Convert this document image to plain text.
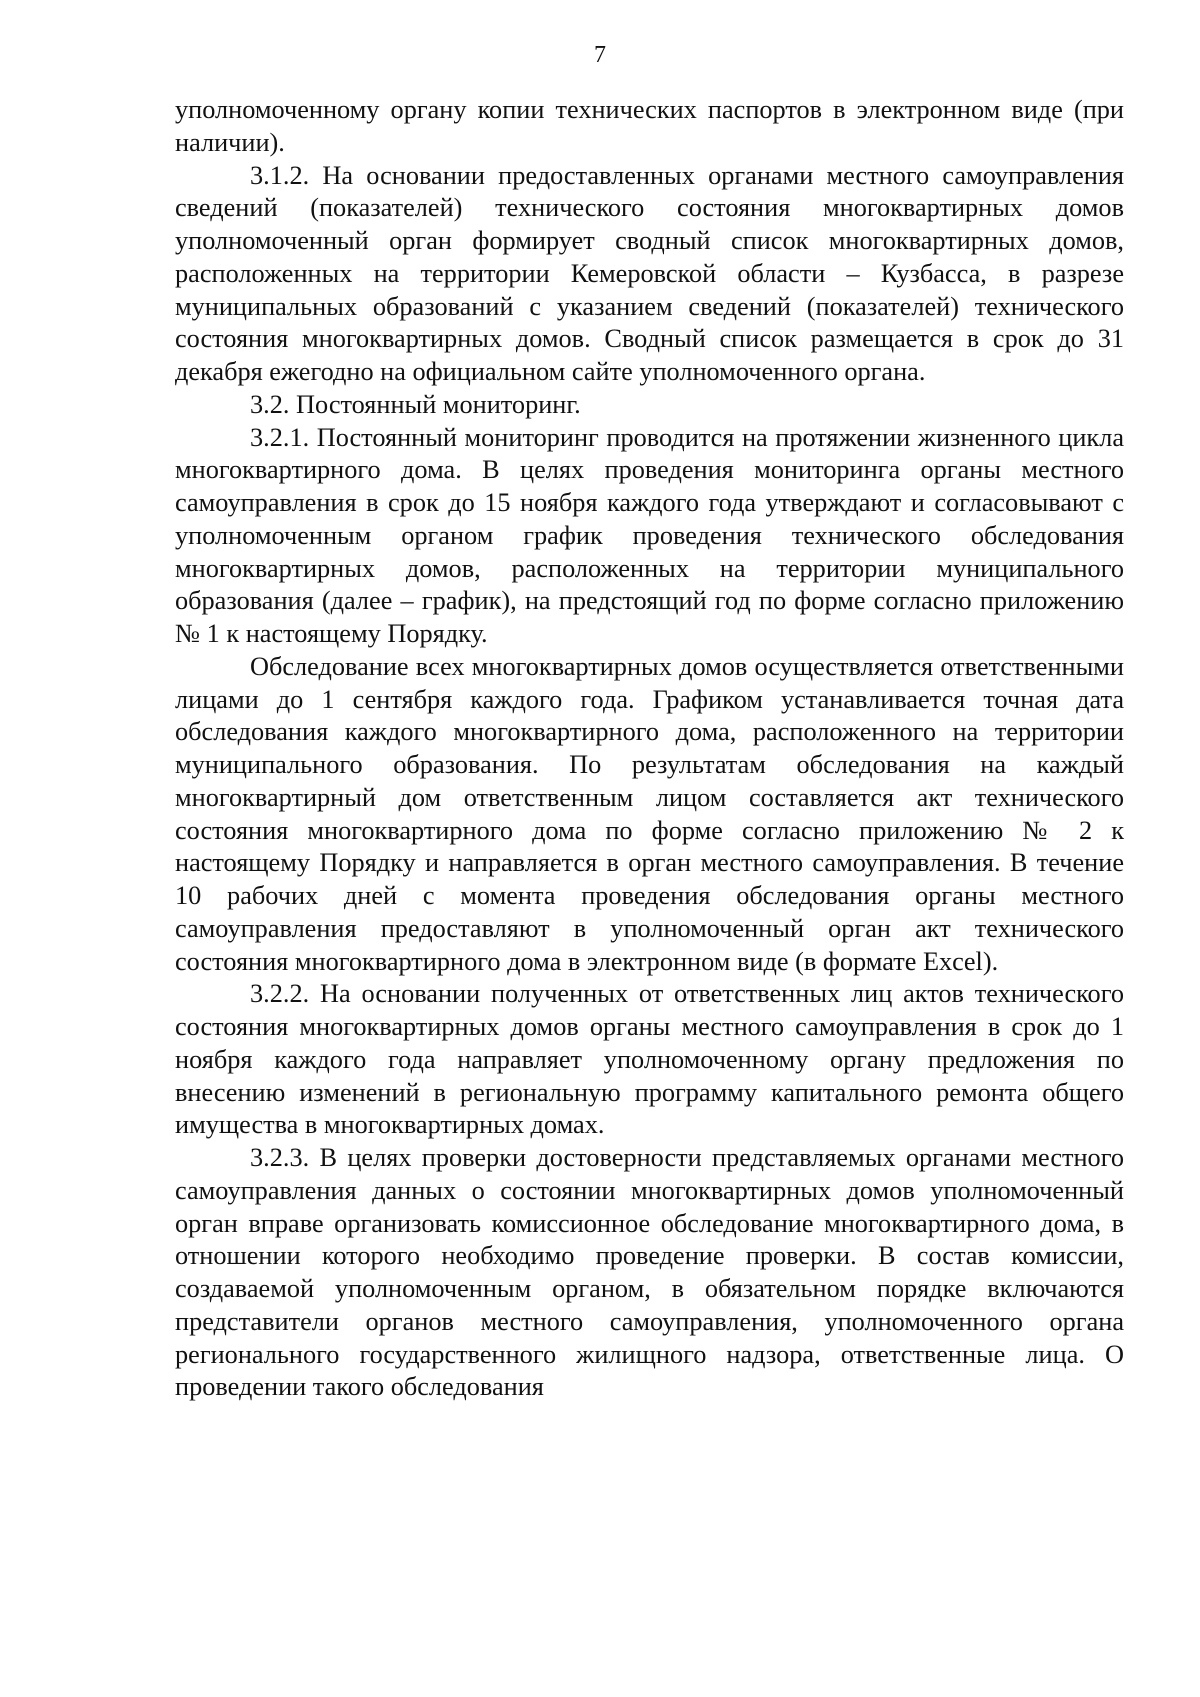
7

уполномоченному органу копии технических паспортов в электронном виде (при наличии).

3.1.2. На основании предоставленных органами местного самоуправления сведений (показателей) технического состояния многоквартирных домов уполномоченный орган формирует сводный список многоквартирных домов, расположенных на территории Кемеровской области – Кузбасса, в разрезе муниципальных образований с указанием сведений (показателей) технического состояния многоквартирных домов. Сводный список размещается в срок до 31 декабря ежегодно на официальном сайте уполномоченного органа.

3.2. Постоянный мониторинг.

3.2.1. Постоянный мониторинг проводится на протяжении жизненного цикла многоквартирного дома. В целях проведения мониторинга органы местного самоуправления в срок до 15 ноября каждого года утверждают и согласовывают с уполномоченным органом график проведения технического обследования многоквартирных домов, расположенных на территории муниципального образования (далее – график), на предстоящий год по форме согласно приложению № 1 к настоящему Порядку.

Обследование всех многоквартирных домов осуществляется ответственными лицами до 1 сентября каждого года. Графиком устанавливается точная дата обследования каждого многоквартирного дома, расположенного на территории муниципального образования. По результатам обследования на каждый многоквартирный дом ответственным лицом составляется акт технического состояния многоквартирного дома по форме согласно приложению № 2 к настоящему Порядку и направляется в орган местного самоуправления. В течение 10 рабочих дней с момента проведения обследования органы местного самоуправления предоставляют в уполномоченный орган акт технического состояния многоквартирного дома в электронном виде (в формате Excel).

3.2.2. На основании полученных от ответственных лиц актов технического состояния многоквартирных домов органы местного самоуправления в срок до 1 ноября каждого года направляет уполномоченному органу предложения по внесению изменений в региональную программу капитального ремонта общего имущества в многоквартирных домах.

3.2.3. В целях проверки достоверности представляемых органами местного самоуправления данных о состоянии многоквартирных домов уполномоченный орган вправе организовать комиссионное обследование многоквартирного дома, в отношении которого необходимо проведение проверки. В состав комиссии, создаваемой уполномоченным органом, в обязательном порядке включаются представители органов местного самоуправления, уполномоченного органа регионального государственного жилищного надзора, ответственные лица. О проведении такого обследования
